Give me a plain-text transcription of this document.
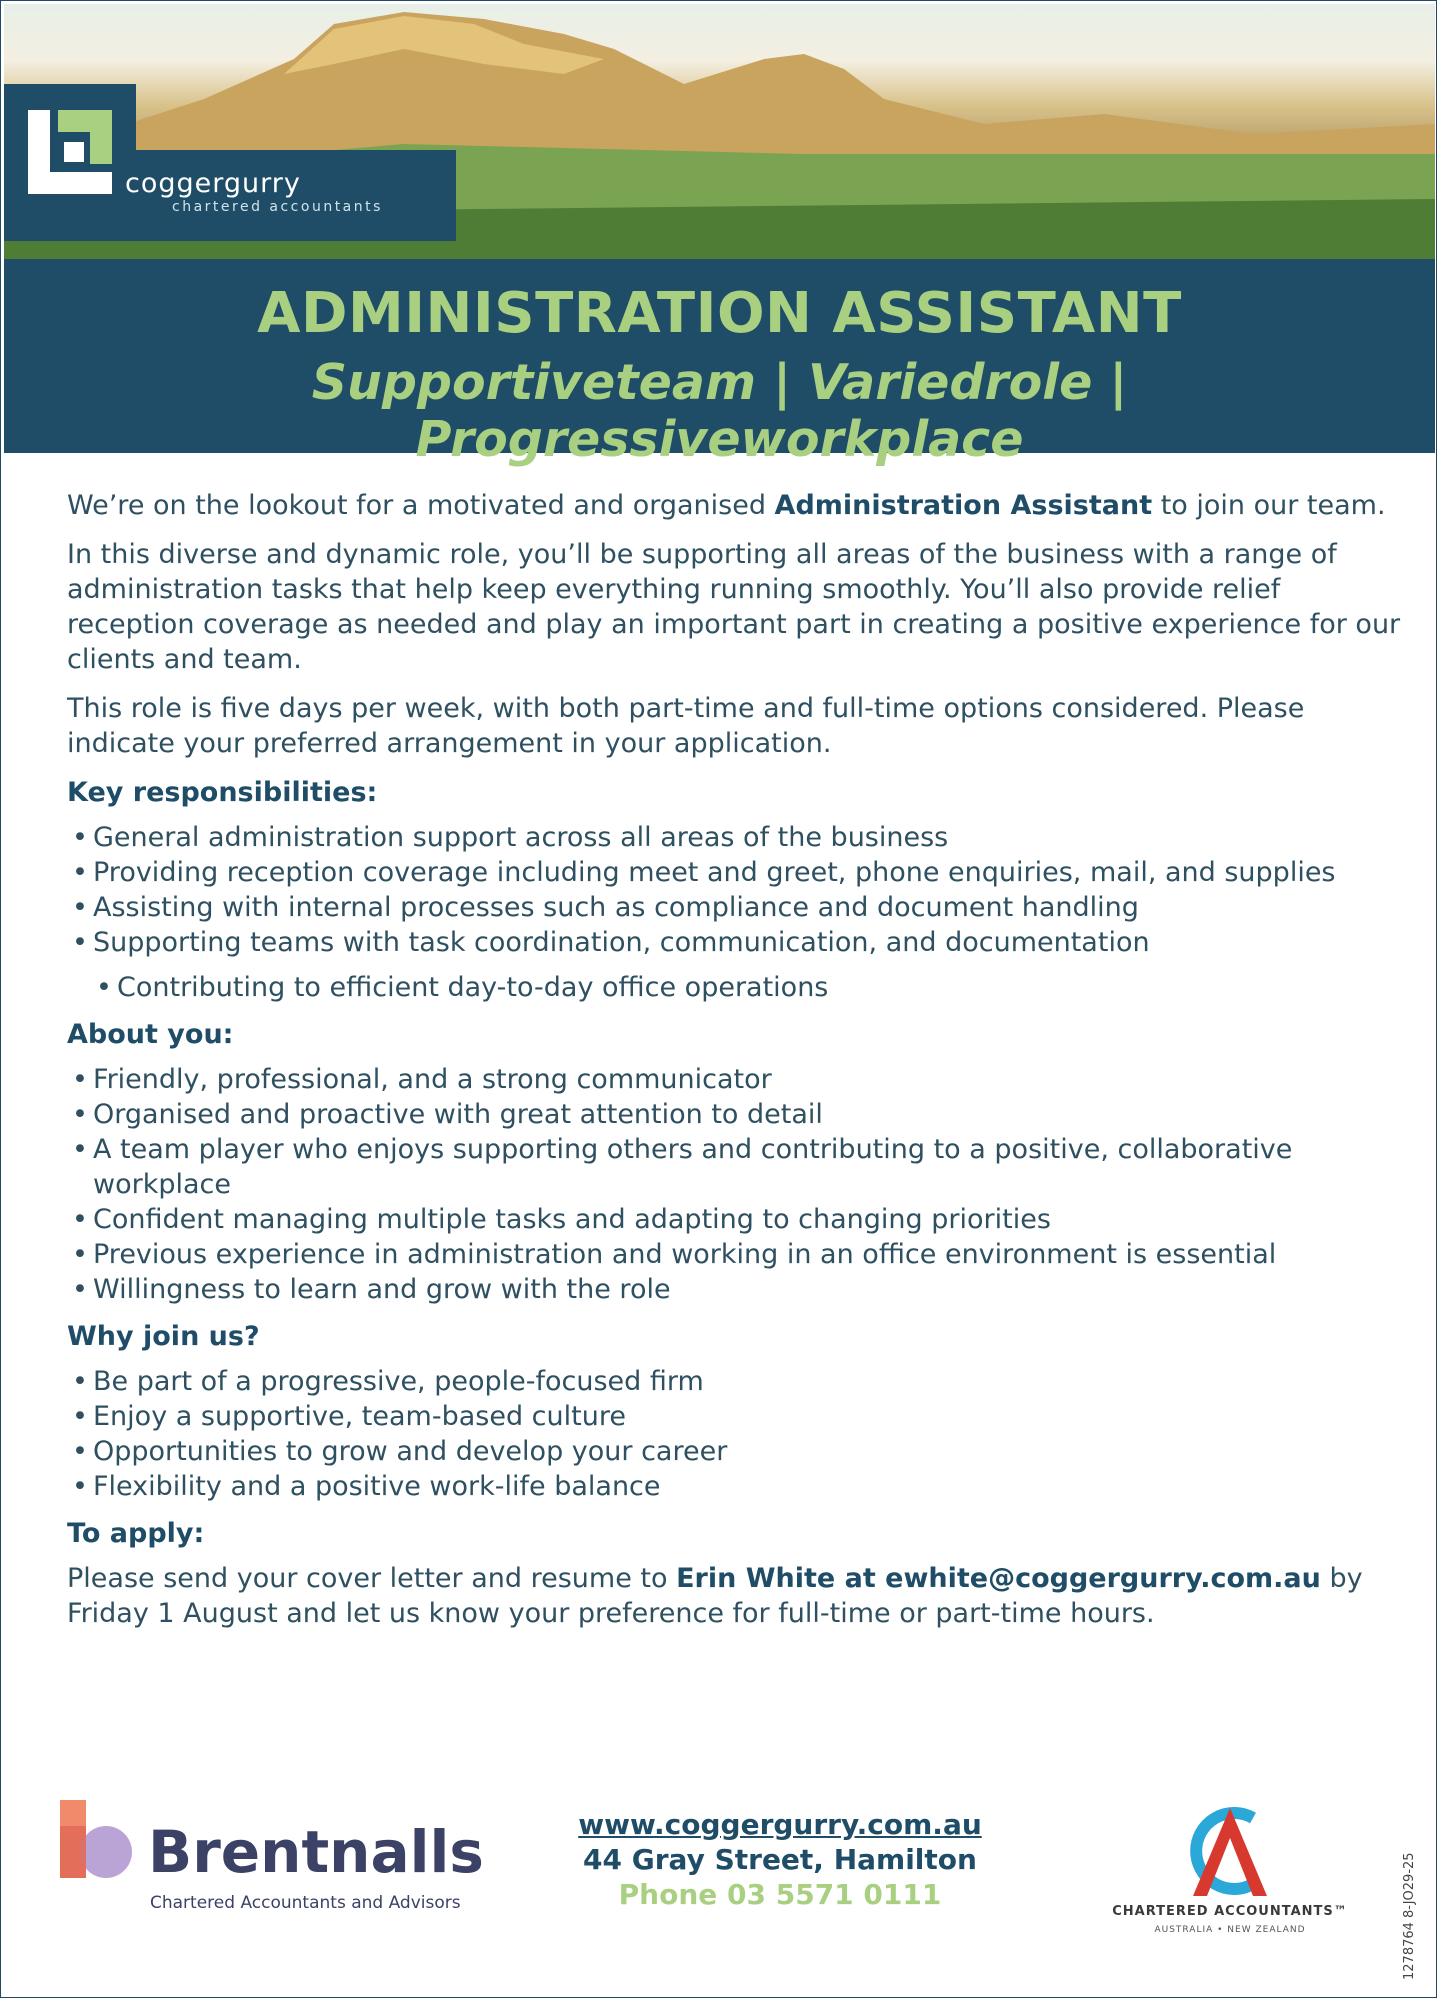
coggergurry
chartered accountants
ADMINISTRATION ASSISTANT
Supportiveteam | Variedrole | Progressiveworkplace

We’re on the lookout for a motivated and organised Administration Assistant to join our team.

In this diverse and dynamic role, you’ll be supporting all areas of the business with a range of administration tasks that help keep everything running smoothly. You’ll also provide relief reception coverage as needed and play an important part in creating a positive experience for our clients and team.

This role is five days per week, with both part-time and full-time options considered. Please indicate your preferred arrangement in your application.

Key responsibilities:
• General administration support across all areas of the business
• Providing reception coverage including meet and greet, phone enquiries, mail, and supplies
• Assisting with internal processes such as compliance and document handling
• Supporting teams with task coordination, communication, and documentation
• Contributing to efficient day-to-day office operations
About you:
• Friendly, professional, and a strong communicator
• Organised and proactive with great attention to detail
• A team player who enjoys supporting others and contributing to a positive, collaborative workplace
• Confident managing multiple tasks and adapting to changing priorities
• Previous experience in administration and working in an office environment is essential
• Willingness to learn and grow with the role
Why join us?
• Be part of a progressive, people-focused firm
• Enjoy a supportive, team-based culture
• Opportunities to grow and develop your career
• Flexibility and a positive work-life balance
To apply:

Please send your cover letter and resume to Erin White at ewhite@coggergurry.com.au by Friday 1 August and let us know your preference for full-time or part-time hours.

Brentnalls
Chartered Accountants and Advisors
www.coggergurry.com.au
44 Gray Street, Hamilton
Phone 03 5571 0111
CHARTERED ACCOUNTANTS™
AUSTRALIA • NEW ZEALAND	1278764 8-JO29-25
